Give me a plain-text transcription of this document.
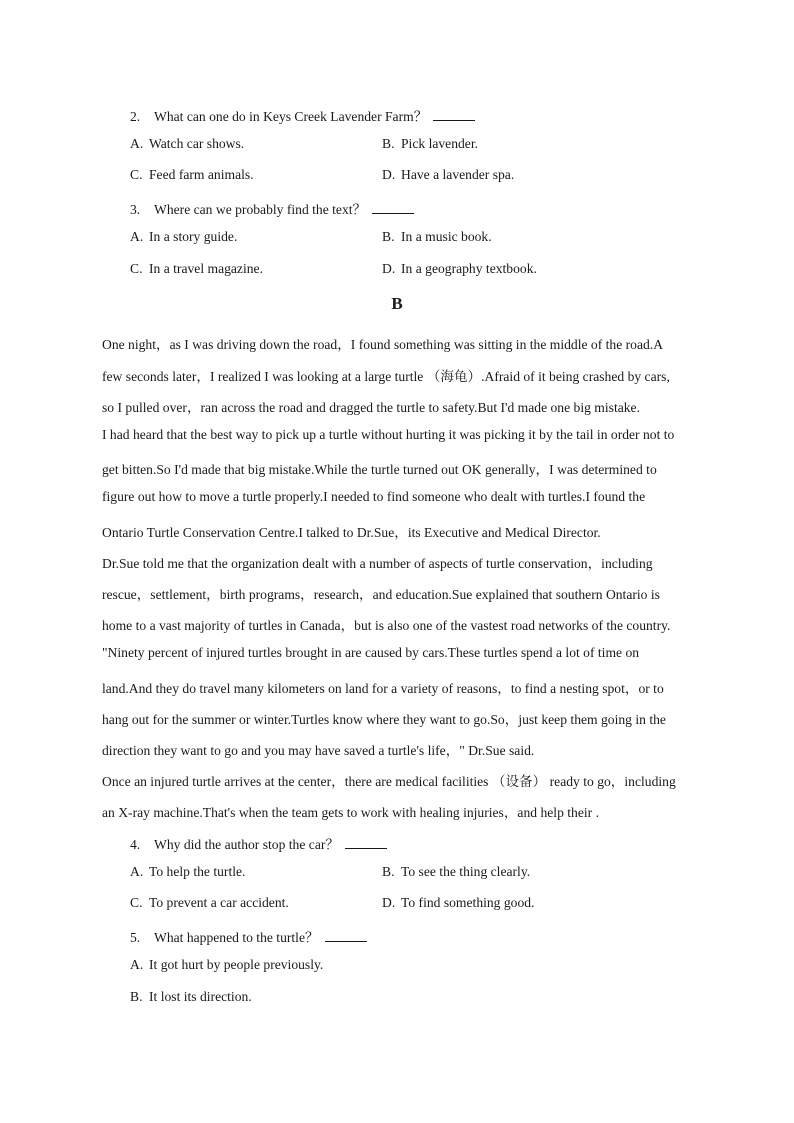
2. What can one do in Keys Creek Lavender Farm？
A. Watch car shows.	B. Pick lavender.
C. Feed farm animals.	D. Have a lavender spa.
3. Where can we probably find the text？
A. In a story guide.	B. In a music book.
C. In a travel magazine.	D. In a geography textbook.
B
One night，as I was driving down the road，I found something was sitting in the middle of the road.A
few seconds later，I realized I was looking at a large turtle （海龟）.Afraid of it being crashed by cars,
so I pulled over，ran across the road and dragged the turtle to safety.But I'd made one big mistake.
I had heard that the best way to pick up a turtle without hurting it was picking it by the tail in order not to
get bitten.So I'd made that big mistake.While the turtle turned out OK generally，I was determined to
figure out how to move a turtle properly.I needed to find someone who dealt with turtles.I found the
Ontario Turtle Conservation Centre.I talked to Dr.Sue，its Executive and Medical Director.
Dr.Sue told me that the organization dealt with a number of aspects of turtle conservation，including
rescue，settlement，birth programs，research，and education.Sue explained that southern Ontario is
home to a vast majority of turtles in Canada，but is also one of the vastest road networks of the country.
"Ninety percent of injured turtles brought in are caused by cars.These turtles spend a lot of time on
land.And they do travel many kilometers on land for a variety of reasons，to find a nesting spot，or to
hang out for the summer or winter.Turtles know where they want to go.So，just keep them going in the
direction they want to go and you may have saved a turtle's life，" Dr.Sue said.
Once an injured turtle arrives at the center，there are medical facilities （设备） ready to go，including
an X-ray machine.That's when the team gets to work with healing injuries，and help their .
4. Why did the author stop the car？
A. To help the turtle.	B. To see the thing clearly.
C. To prevent a car accident.	D. To find something good.
5. What happened to the turtle？
A. It got hurt by people previously.
B. It lost its direction.
